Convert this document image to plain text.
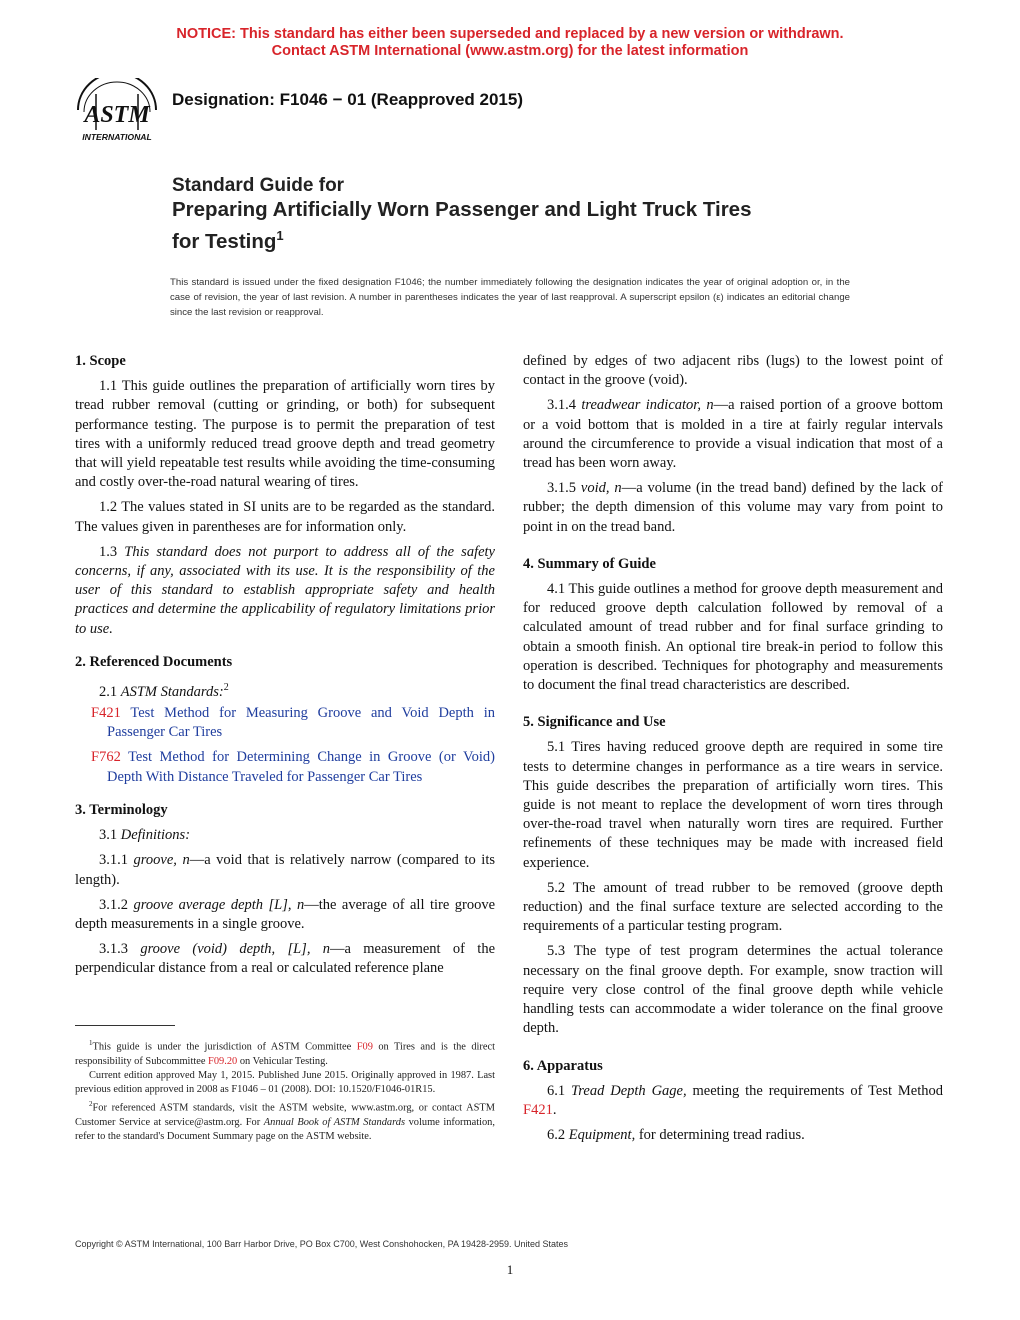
NOTICE: This standard has either been superseded and replaced by a new version or withdrawn.
Contact ASTM International (www.astm.org) for the latest information
ASTM
INTERNATIONAL
Designation: F1046 − 01 (Reapproved 2015)
Standard Guide for
Preparing Artificially Worn Passenger and Light Truck Tires
for Testing$^1$
This standard is issued under the fixed designation F1046; the number immediately following the designation indicates the year of original adoption or, in the case of revision, the year of last revision. A number in parentheses indicates the year of last reapproval. A superscript epsilon (ε) indicates an editorial change since the last revision or reapproval.
1. Scope

1.1 This guide outlines the preparation of artificially worn tires by tread rubber removal (cutting or grinding, or both) for subsequent performance testing. The purpose is to permit the preparation of test tires with a uniformly reduced tread groove depth and tread geometry that will yield repeatable test results while avoiding the time-consuming and costly over-the-road natural wearing of tires.

1.2 The values stated in SI units are to be regarded as the standard. The values given in parentheses are for information only.

1.3 This standard does not purport to address all of the safety concerns, if any, associated with its use. It is the responsibility of the user of this standard to establish appropriate safety and health practices and determine the applicability of regulatory limitations prior to use.

2. Referenced Documents

2.1 ASTM Standards:$^2$

F421 Test Method for Measuring Groove and Void Depth in Passenger Car Tires

F762 Test Method for Determining Change in Groove (or Void) Depth With Distance Traveled for Passenger Car Tires

3. Terminology

3.1 Definitions:

3.1.1 groove, n—a void that is relatively narrow (compared to its length).

3.1.2 groove average depth [L], n—the average of all tire groove depth measurements in a single groove.

3.1.3 groove (void) depth, [L], n—a measurement of the perpendicular distance from a real or calculated reference plane

$^1$This guide is under the jurisdiction of ASTM Committee F09 on Tires and is the direct responsibility of Subcommittee F09.20 on Vehicular Testing.

Current edition approved May 1, 2015. Published June 2015. Originally approved in 1987. Last previous edition approved in 2008 as F1046 – 01 (2008). DOI: 10.1520/F1046-01R15.

$^2$For referenced ASTM standards, visit the ASTM website, www.astm.org, or contact ASTM Customer Service at service@astm.org. For Annual Book of ASTM Standards volume information, refer to the standard's Document Summary page on the ASTM website.

defined by edges of two adjacent ribs (lugs) to the lowest point of contact in the groove (void).

3.1.4 treadwear indicator, n—a raised portion of a groove bottom or a void bottom that is molded in a tire at fairly regular intervals around the circumference to provide a visual indication that most of a tread has been worn away.

3.1.5 void, n—a volume (in the tread band) defined by the lack of rubber; the depth dimension of this volume may vary from point to point in on the tread band.

4. Summary of Guide

4.1 This guide outlines a method for groove depth measurement and for reduced groove depth calculation followed by removal of a calculated amount of tread rubber and for final surface grinding to obtain a smooth finish. An optional tire break-in period to follow this operation is described. Techniques for photography and measurements to document the final tread characteristics are described.

5. Significance and Use

5.1 Tires having reduced groove depth are required in some tire tests to determine changes in performance as a tire wears in service. This guide describes the preparation of artificially worn tires. This guide is not meant to replace the development of worn tires through over-the-road travel when naturally worn tires are required. Further refinements of these techniques may be made with increased field experience.

5.2 The amount of tread rubber to be removed (groove depth reduction) and the final surface texture are selected according to the requirements of a particular testing program.

5.3 The type of test program determines the actual tolerance necessary on the final groove depth. For example, snow traction will require very close control of the final groove depth while vehicle handling tests can accommodate a wider tolerance on the final groove depth.

6. Apparatus

6.1 Tread Depth Gage, meeting the requirements of Test Method F421.

6.2 Equipment, for determining tread radius.

Copyright © ASTM International, 100 Barr Harbor Drive, PO Box C700, West Conshohocken, PA 19428-2959. United States
1
